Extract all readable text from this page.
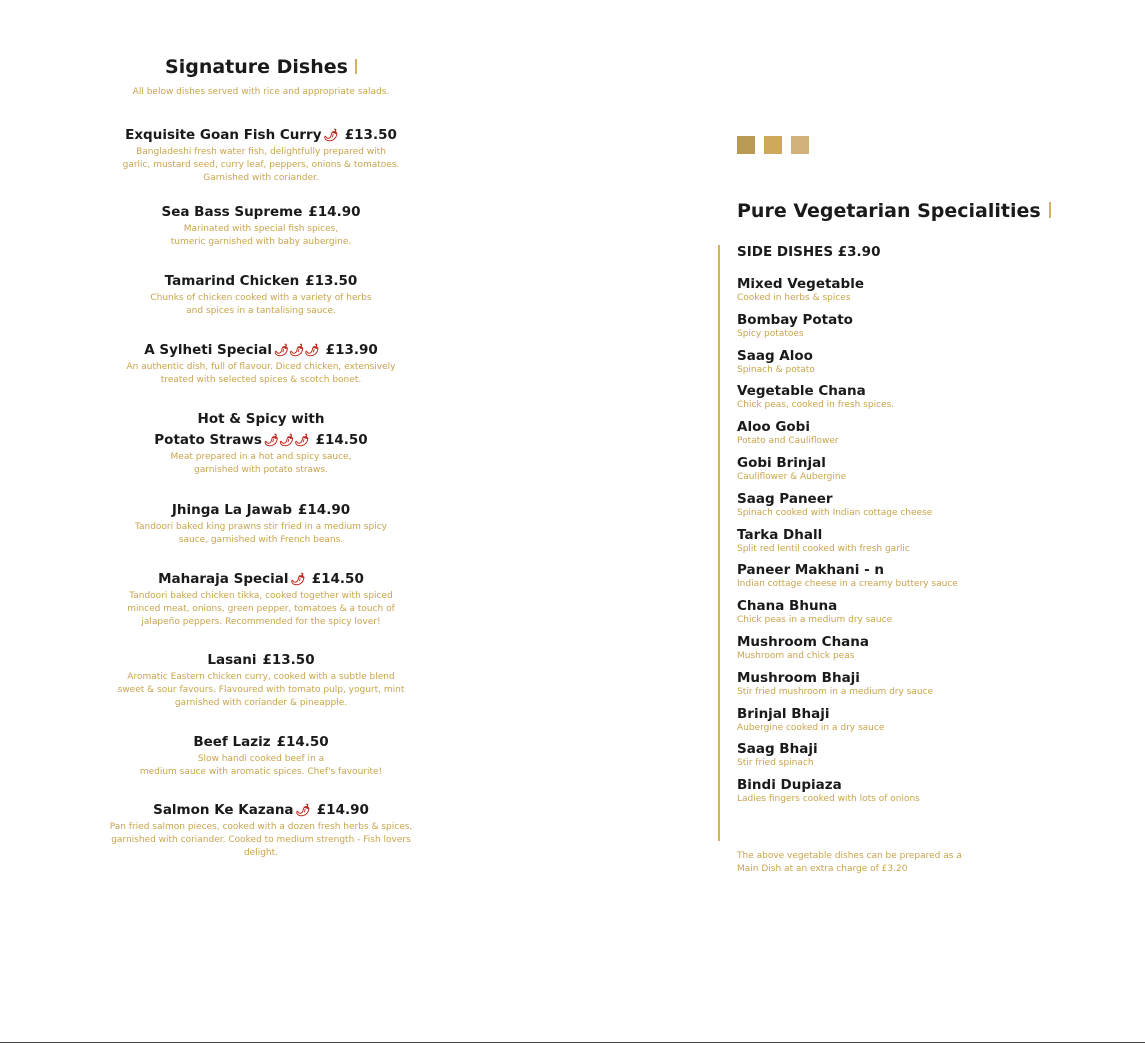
Signature Dishes

All below dishes served with rice and appropriate salads.

Exquisite Goan Fish Curry 🌶 £13.50
Bangladeshi fresh water fish, delightfully prepared with
garlic, mustard seed, curry leaf, peppers, onions & tomatoes.
Garnished with coriander.
Sea Bass Supreme £14.90
Marinated with special fish spices,
tumeric garnished with baby aubergine.
Tamarind Chicken £13.50
Chunks of chicken cooked with a variety of herbs
and spices in a tantalising sauce.
A Sylheti Special 🌶🌶🌶 £13.90
An authentic dish, full of flavour. Diced chicken, extensively
treated with selected spices & scotch bonet.
Hot & Spicy with
Potato Straws 🌶🌶🌶 £14.50
Meat prepared in a hot and spicy sauce,
garnished with potato straws.
Jhinga La Jawab £14.90
Tandoori baked king prawns stir fried in a medium spicy
sauce, garnished with French beans.
Maharaja Special 🌶 £14.50
Tandoori baked chicken tikka, cooked together with spiced
minced meat, onions, green pepper, tomatoes & a touch of
jalapeño peppers. Recommended for the spicy lover!
Lasani £13.50
Aromatic Eastern chicken curry, cooked with a subtle blend
sweet & sour favours. Flavoured with tomato pulp, yogurt, mint
garnished with coriander & pineapple.
Beef Laziz £14.50
Slow handi cooked beef in a
medium sauce with aromatic spices. Chef's favourite!
Salmon Ke Kazana 🌶 £14.90
Pan fried salmon pieces, cooked with a dozen fresh herbs & spices,
garnished with coriander. Cooked to medium strength - Fish lovers delight.
Pure Vegetarian Specialities
SIDE DISHES £3.90
Mixed Vegetable
Cooked in herbs & spices
Bombay Potato
Spicy potatoes
Saag Aloo
Spinach & potato
Vegetable Chana
Chick peas, cooked in fresh spices.
Aloo Gobi
Potato and Cauliflower
Gobi Brinjal
Cauliflower & Aubergine
Saag Paneer
Spinach cooked with Indian cottage cheese
Tarka Dhall
Split red lentil cooked with fresh garlic
Paneer Makhani - n
Indian cottage cheese in a creamy buttery sauce
Chana Bhuna
Chick peas in a medium dry sauce
Mushroom Chana
Mushroom and chick peas
Mushroom Bhaji
Stir fried mushroom in a medium dry sauce
Brinjal Bhaji
Aubergine cooked in a dry sauce
Saag Bhaji
Stir fried spinach
Bindi Dupiaza
Ladies fingers cooked with lots of onions
The above vegetable dishes can be prepared as a
Main Dish at an extra charge of £3.20
